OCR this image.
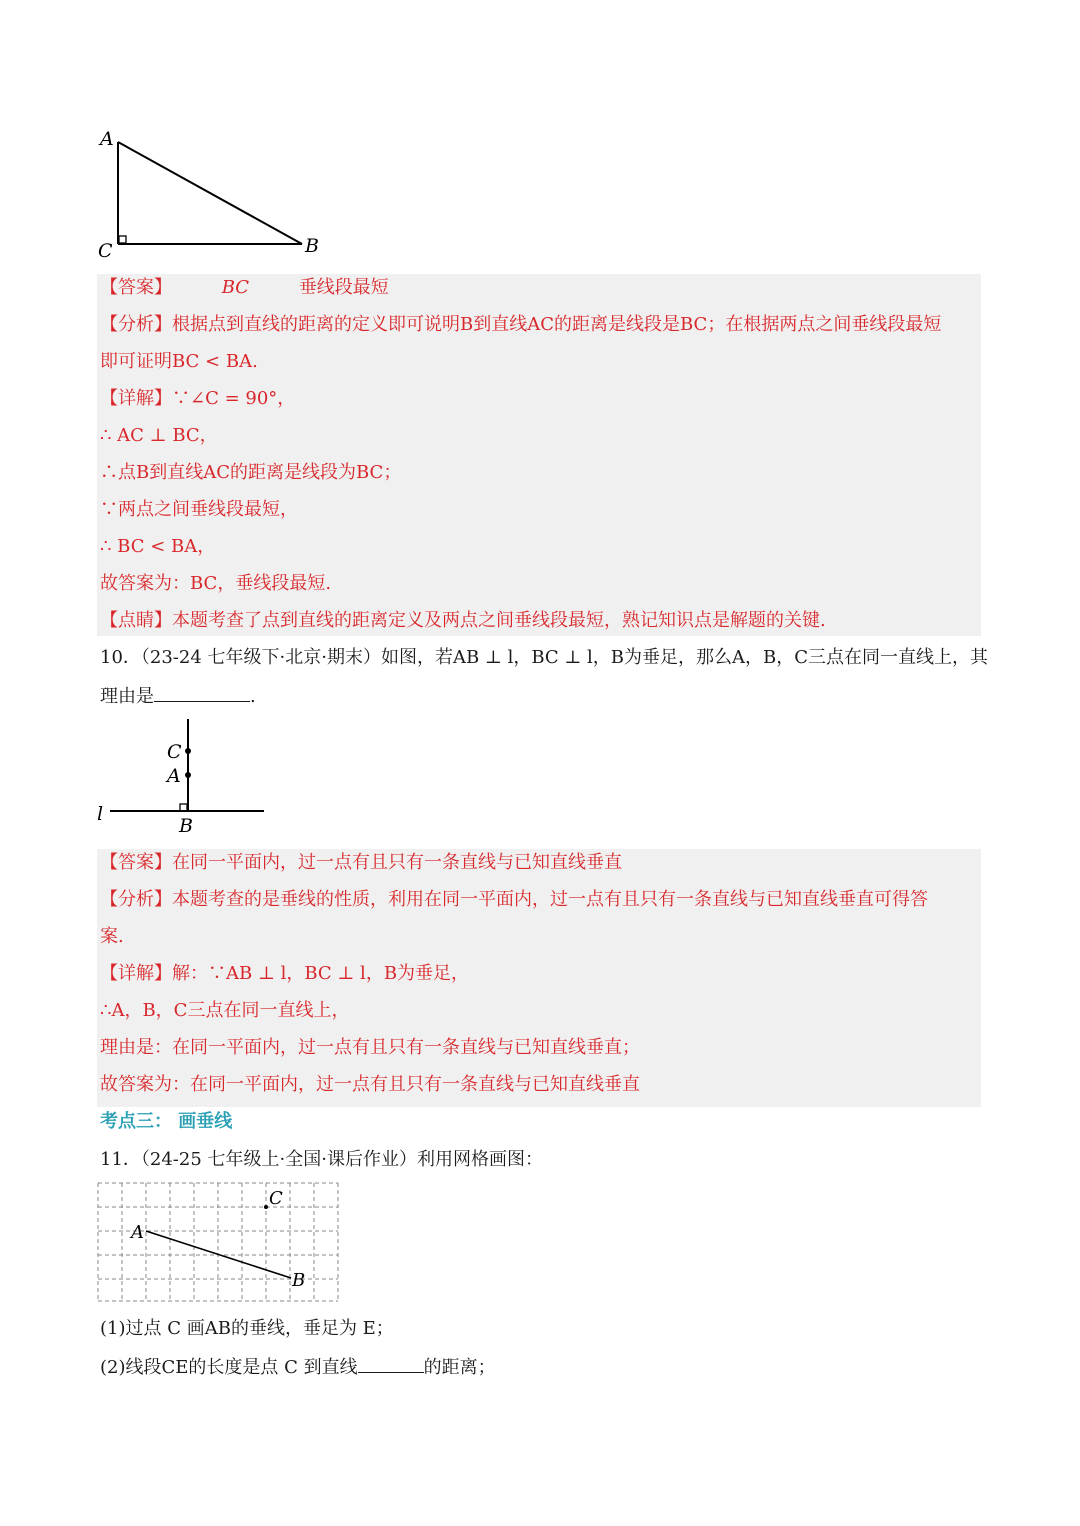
A
C	B
【答案】	BC	垂线段最短
【分析】根据点到直线的距离的定义即可说明B到直线AC的距离是线段是BC；在根据两点之间垂线段最短
即可证明BC < BA.
【详解】∵∠C = 90°，
∴ AC ⊥ BC，
∴点B到直线AC的距离是线段为BC；
∵两点之间垂线段最短，
∴ BC < BA，
故答案为：BC，垂线段最短.
【点睛】本题考查了点到直线的距离定义及两点之间垂线段最短，熟记知识点是解题的关键.
10．（23-24 七年级下·北京·期末）如图，若AB ⊥ l，BC ⊥ l，B为垂足，那么A，B，C三点在同一直线上，其
理由是	.
C
A
l
B
【答案】在同一平面内，过一点有且只有一条直线与已知直线垂直
【分析】本题考查的是垂线的性质，利用在同一平面内，过一点有且只有一条直线与已知直线垂直可得答
案.
【详解】解：∵AB ⊥ l，BC ⊥ l，B为垂足，
∴A，B，C三点在同一直线上，
理由是：在同一平面内，过一点有且只有一条直线与已知直线垂直；
故答案为：在同一平面内，过一点有且只有一条直线与已知直线垂直
考点三： 画垂线
11．（24-25 七年级上·全国·课后作业）利用网格画图：
C
A
B
(1)过点 C 画AB的垂线，垂足为 E；
(2)线段CE的长度是点 C 到直线	的距离；
